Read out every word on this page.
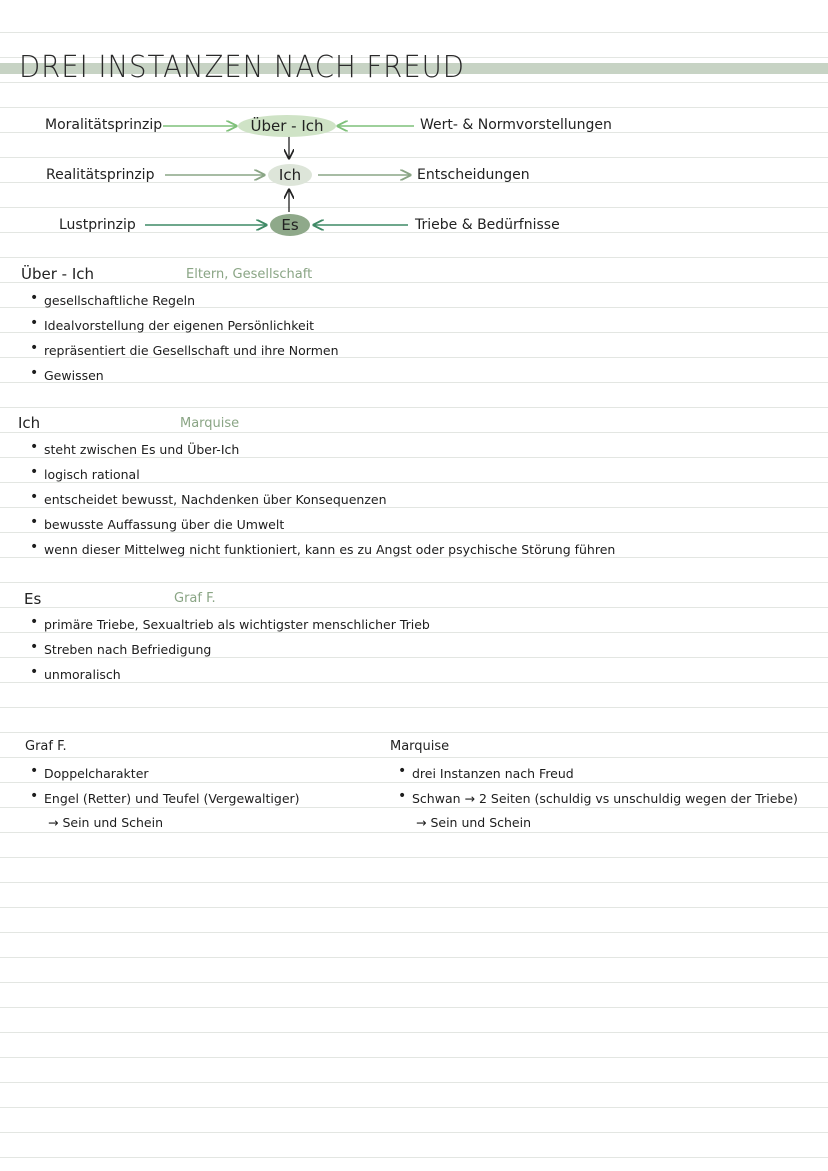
DREI INSTANZEN NACH FREUD
Moralitätsprinzip
Realitätsprinzip
Lustprinzip
Über - Ich
Ich
Es
Wert- & Normvorstellungen
Entscheidungen
Triebe & Bedürfnisse
Über - Ich	Eltern, Gesellschaft
• gesellschaftliche Regeln
• Idealvorstellung der eigenen Persönlichkeit
• repräsentiert die Gesellschaft und ihre Normen
• Gewissen
Ich	Marquise
• steht zwischen Es und Über-Ich
• logisch rational
• entscheidet bewusst, Nachdenken über Konsequenzen
• bewusste Auffassung über die Umwelt
• wenn dieser Mittelweg nicht funktioniert, kann es zu Angst oder psychische Störung führen
Es	Graf F.
• primäre Triebe, Sexualtrieb als wichtigster menschlicher Trieb
• Streben nach Befriedigung
• unmoralisch
Graf F.
• Doppelcharakter
• Engel (Retter) und Teufel (Vergewaltiger)
→ Sein und Schein
Marquise
• drei Instanzen nach Freud
• Schwan → 2 Seiten (schuldig vs unschuldig wegen der Triebe)
→ Sein und Schein
